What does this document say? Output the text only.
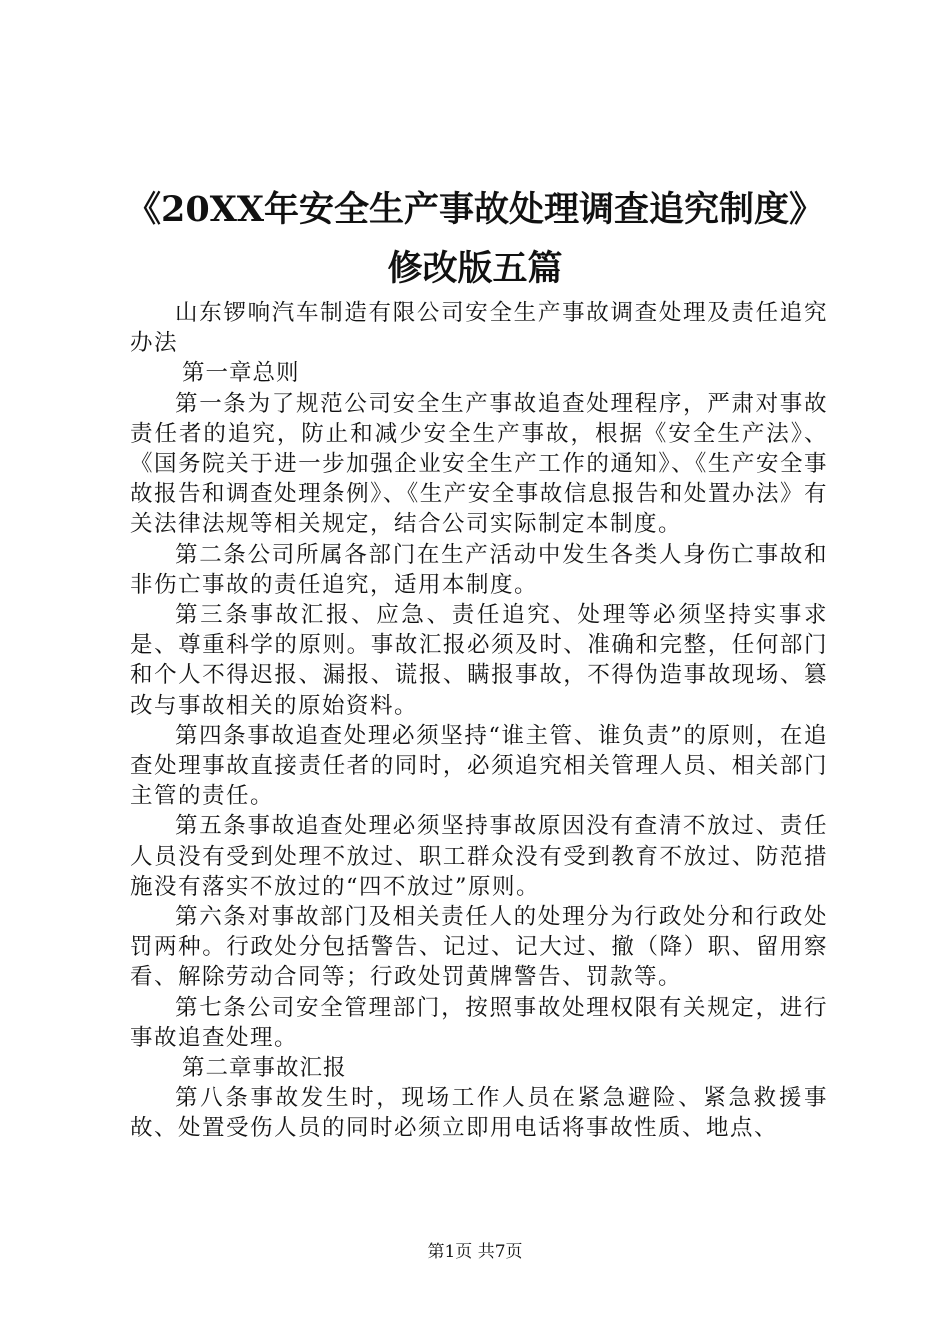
《20XX年安全生产事故处理调查追究制度》
修改版五篇

山东锣响汽车制造有限公司安全生产事故调查处理及责任追究办法

第一章总则

第一条为了规范公司安全生产事故追查处理程序，严肃对事故责任者的追究，防止和减少安全生产事故，根据《安全生产法》、《国务院关于进一步加强企业安全生产工作的通知》、《生产安全事故报告和调查处理条例》、《生产安全事故信息报告和处置办法》有关法律法规等相关规定，结合公司实际制定本制度。

第二条公司所属各部门在生产活动中发生各类人身伤亡事故和非伤亡事故的责任追究，适用本制度。

第三条事故汇报、应急、责任追究、处理等必须坚持实事求是、尊重科学的原则。事故汇报必须及时、准确和完整，任何部门和个人不得迟报、漏报、谎报、瞒报事故，不得伪造事故现场、篡改与事故相关的原始资料。

第四条事故追查处理必须坚持“谁主管、谁负责”的原则，在追查处理事故直接责任者的同时，必须追究相关管理人员、相关部门主管的责任。

第五条事故追查处理必须坚持事故原因没有查清不放过、责任人员没有受到处理不放过、职工群众没有受到教育不放过、防范措施没有落实不放过的“四不放过”原则。

第六条对事故部门及相关责任人的处理分为行政处分和行政处罚两种。行政处分包括警告、记过、记大过、撤（降）职、留用察看、解除劳动合同等；行政处罚黄牌警告、罚款等。

第七条公司安全管理部门，按照事故处理权限有关规定，进行事故追查处理。

第二章事故汇报

第八条事故发生时，现场工作人员在紧急避险、紧急救援事故、处置受伤人员的同时必须立即用电话将事故性质、地点、

第1页 共7页
